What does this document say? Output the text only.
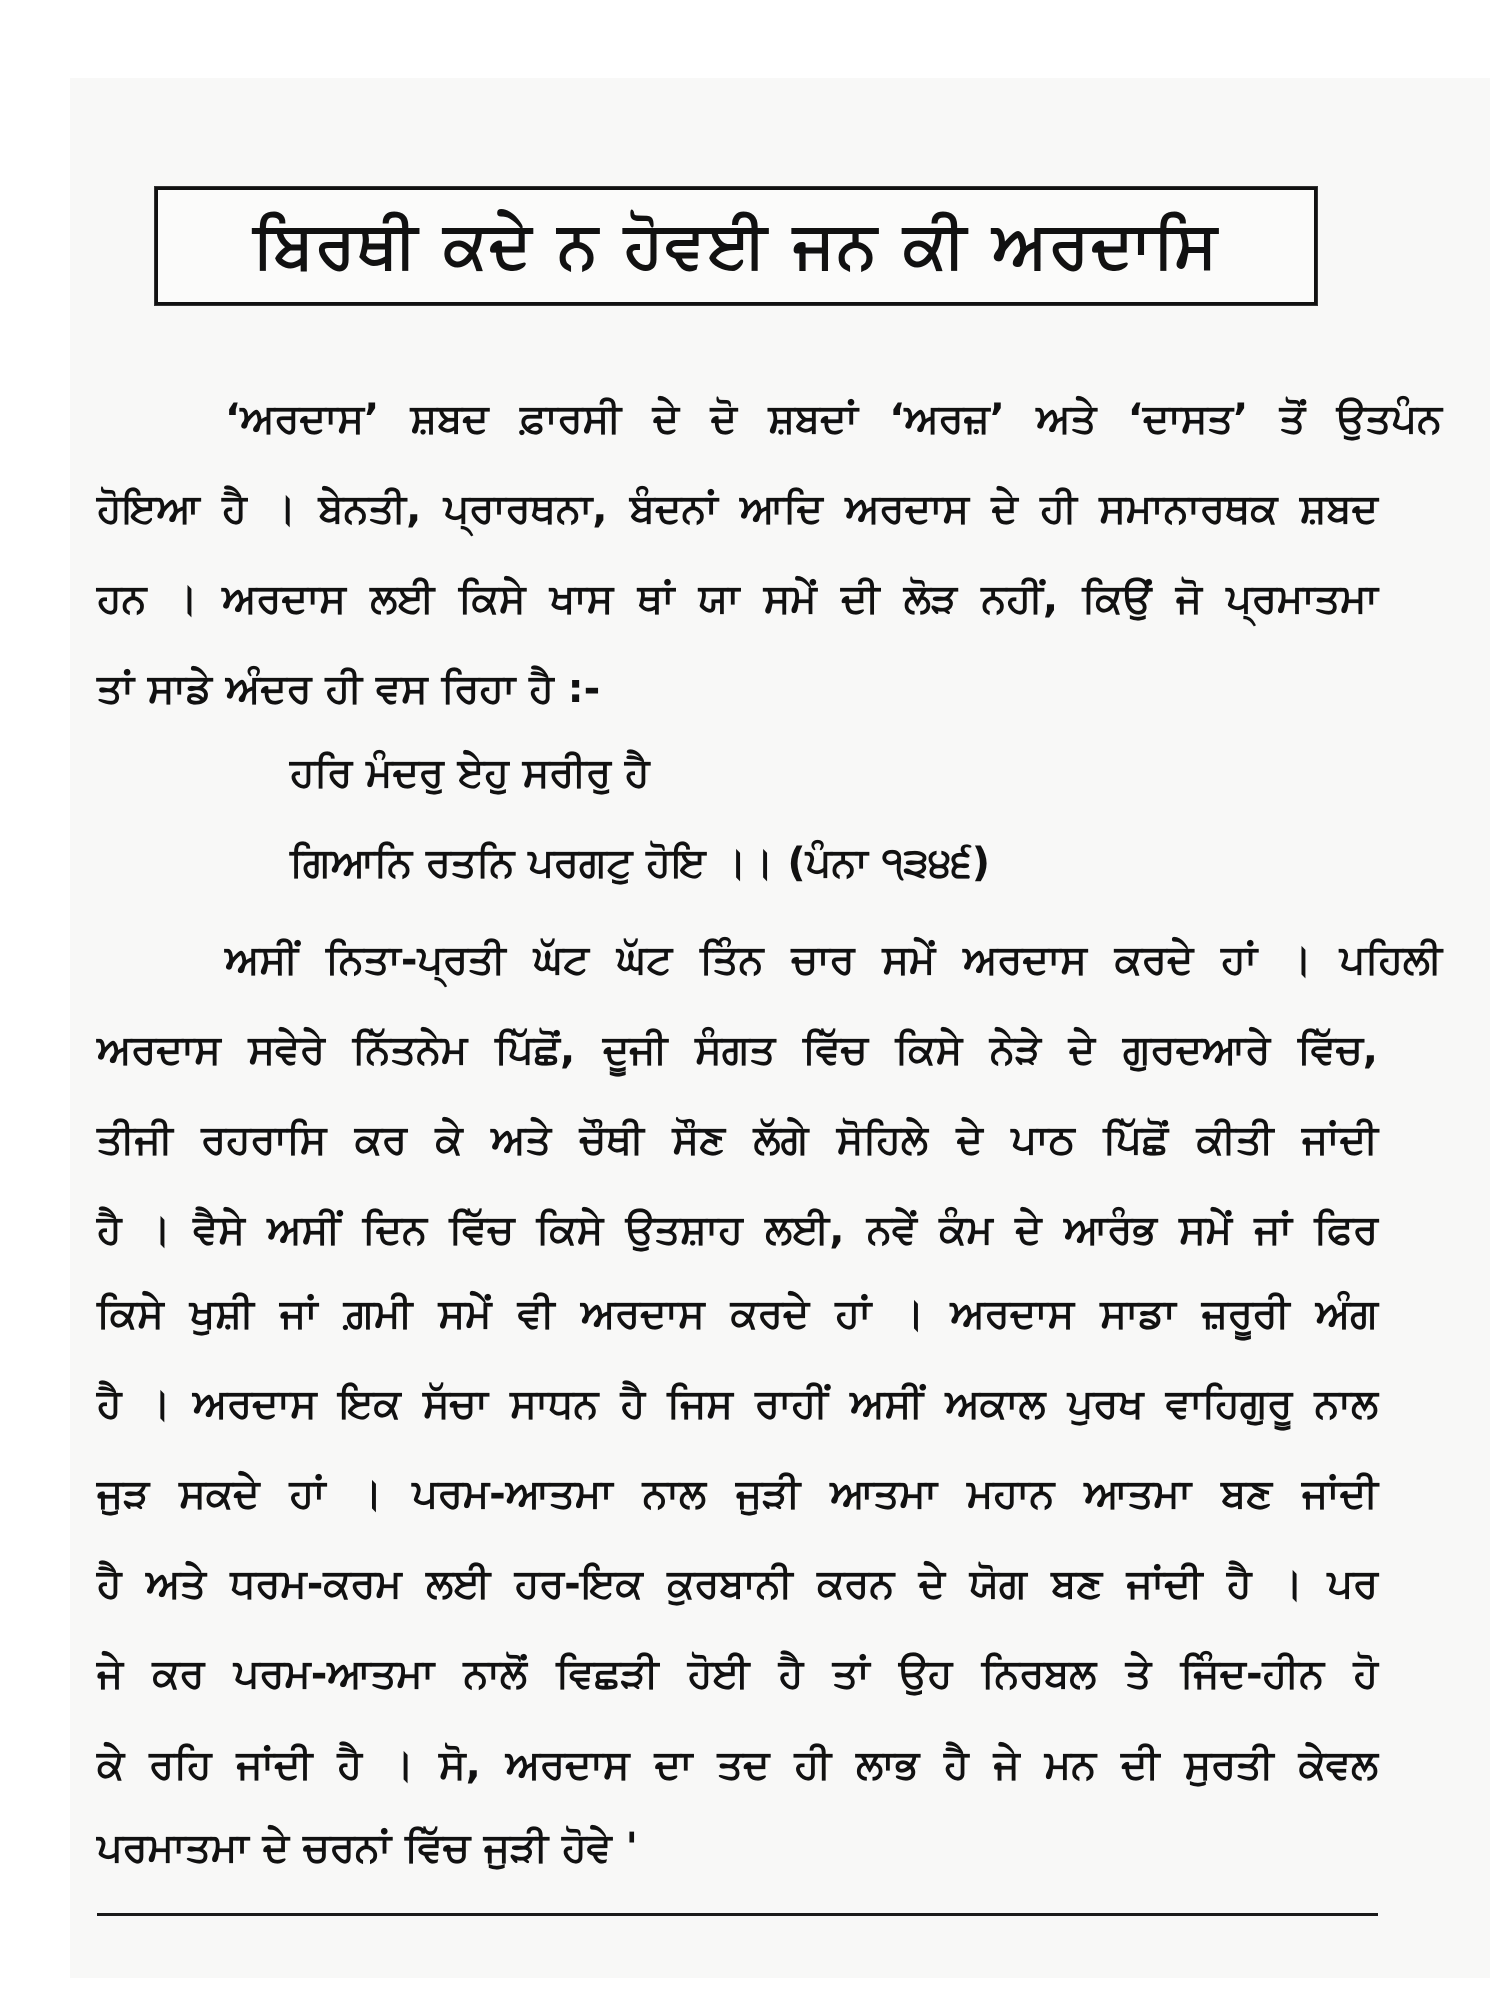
ਬਿਰਥੀ ਕਦੇ ਨ ਹੋਵਈ ਜਨ ਕੀ ਅਰਦਾਸਿ
‘ਅਰਦਾਸ’ ਸ਼ਬਦ ਫ਼ਾਰਸੀ ਦੇ ਦੋ ਸ਼ਬਦਾਂ ‘ਅਰਜ਼’ ਅਤੇ ‘ਦਾਸਤ’ ਤੋਂ ਉਤਪੰਨ
ਹੋਇਆ ਹੈ । ਬੇਨਤੀ, ਪ੍ਰਾਰਥਨਾ, ਬੰਦਨਾਂ ਆਦਿ ਅਰਦਾਸ ਦੇ ਹੀ ਸਮਾਨਾਰਥਕ ਸ਼ਬਦ
ਹਨ । ਅਰਦਾਸ ਲਈ ਕਿਸੇ ਖਾਸ ਥਾਂ ਯਾ ਸਮੇਂ ਦੀ ਲੋੜ ਨਹੀਂ, ਕਿਉਂ ਜੋ ਪ੍ਰਮਾਤਮਾ
ਤਾਂ ਸਾਡੇ ਅੰਦਰ ਹੀ ਵਸ ਰਿਹਾ ਹੈ :-
ਹਰਿ ਮੰਦਰੁ ਏਹੁ ਸਰੀਰੁ ਹੈ
ਗਿਆਨਿ ਰਤਨਿ ਪਰਗਟੁ ਹੋਇ ।। (ਪੰਨਾ ੧੩੪੬)
ਅਸੀਂ ਨਿਤਾ-ਪ੍ਰਤੀ ਘੱਟ ਘੱਟ ਤਿੰਨ ਚਾਰ ਸਮੇਂ ਅਰਦਾਸ ਕਰਦੇ ਹਾਂ । ਪਹਿਲੀ
ਅਰਦਾਸ ਸਵੇਰੇ ਨਿੱਤਨੇਮ ਪਿੱਛੋਂ, ਦੂਜੀ ਸੰਗਤ ਵਿੱਚ ਕਿਸੇ ਨੇੜੇ ਦੇ ਗੁਰਦਆਰੇ ਵਿੱਚ,
ਤੀਜੀ ਰਹਰਾਸਿ ਕਰ ਕੇ ਅਤੇ ਚੌਥੀ ਸੌਣ ਲੱਗੇ ਸੋਹਿਲੇ ਦੇ ਪਾਠ ਪਿੱਛੋਂ ਕੀਤੀ ਜਾਂਦੀ
ਹੈ । ਵੈਸੇ ਅਸੀਂ ਦਿਨ ਵਿੱਚ ਕਿਸੇ ਉਤਸ਼ਾਹ ਲਈ, ਨਵੇਂ ਕੰਮ ਦੇ ਆਰੰਭ ਸਮੇਂ ਜਾਂ ਫਿਰ
ਕਿਸੇ ਖੁਸ਼ੀ ਜਾਂ ਗ਼ਮੀ ਸਮੇਂ ਵੀ ਅਰਦਾਸ ਕਰਦੇ ਹਾਂ । ਅਰਦਾਸ ਸਾਡਾ ਜ਼ਰੂਰੀ ਅੰਗ
ਹੈ । ਅਰਦਾਸ ਇਕ ਸੱਚਾ ਸਾਧਨ ਹੈ ਜਿਸ ਰਾਹੀਂ ਅਸੀਂ ਅਕਾਲ ਪੁਰਖ ਵਾਹਿਗੁਰੂ ਨਾਲ
ਜੁੜ ਸਕਦੇ ਹਾਂ । ਪਰਮ-ਆਤਮਾ ਨਾਲ ਜੁੜੀ ਆਤਮਾ ਮਹਾਨ ਆਤਮਾ ਬਣ ਜਾਂਦੀ
ਹੈ ਅਤੇ ਧਰਮ-ਕਰਮ ਲਈ ਹਰ-ਇਕ ਕੁਰਬਾਨੀ ਕਰਨ ਦੇ ਯੋਗ ਬਣ ਜਾਂਦੀ ਹੈ । ਪਰ
ਜੇ ਕਰ ਪਰਮ-ਆਤਮਾ ਨਾਲੋਂ ਵਿਛੜੀ ਹੋਈ ਹੈ ਤਾਂ ਉਹ ਨਿਰਬਲ ਤੇ ਜਿੰਦ-ਹੀਨ ਹੋ
ਕੇ ਰਹਿ ਜਾਂਦੀ ਹੈ । ਸੋ, ਅਰਦਾਸ ਦਾ ਤਦ ਹੀ ਲਾਭ ਹੈ ਜੇ ਮਨ ਦੀ ਸੁਰਤੀ ਕੇਵਲ
ਪਰਮਾਤਮਾ ਦੇ ਚਰਨਾਂ ਵਿੱਚ ਜੁੜੀ ਹੋਵੇ '
